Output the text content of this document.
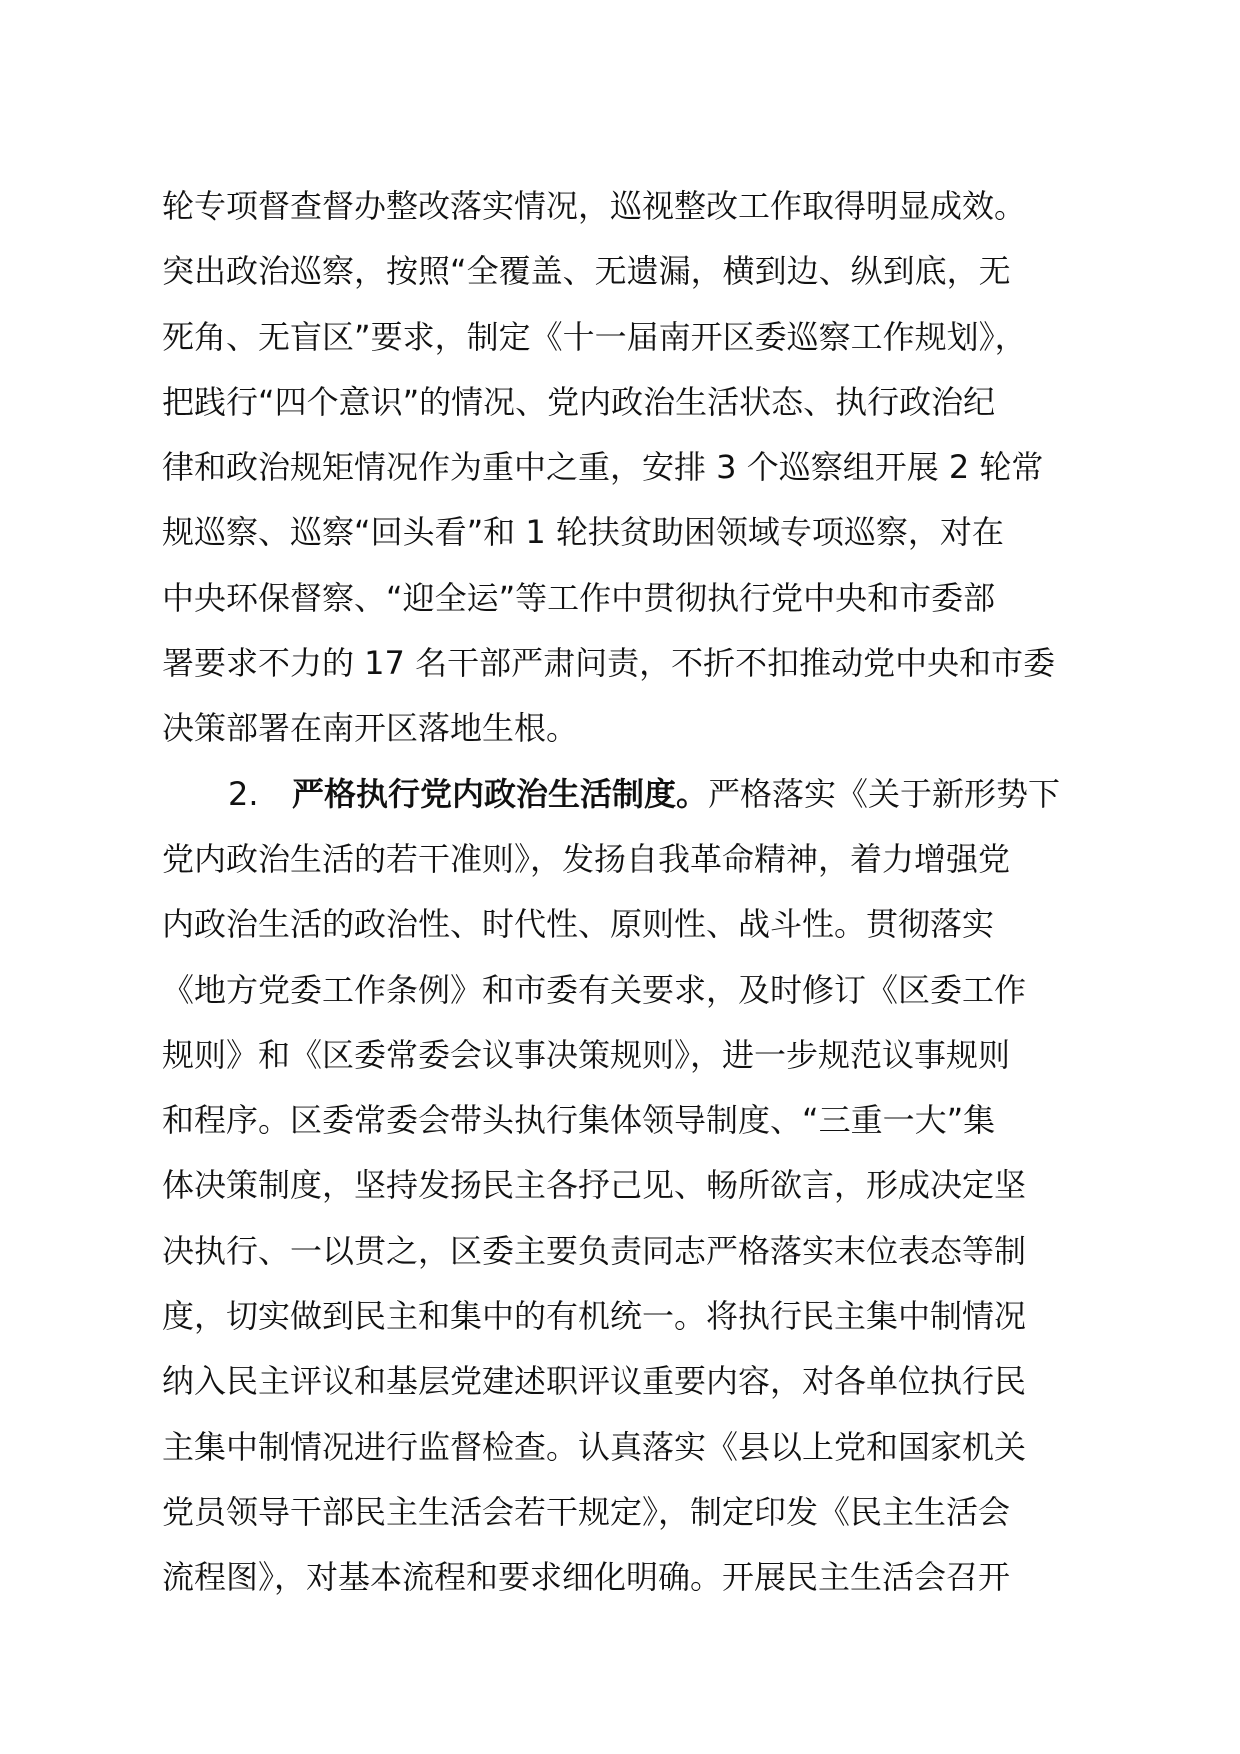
轮专项督查督办整改落实情况，巡视整改工作取得明显成效。
突出政治巡察，按照“全覆盖、无遗漏，横到边、纵到底，无
死角、无盲区”要求，制定《十一届南开区委巡察工作规划》，
把践行“四个意识”的情况、党内政治生活状态、执行政治纪
律和政治规矩情况作为重中之重，安排 3 个巡察组开展 2 轮常
规巡察、巡察“回头看”和 1 轮扶贫助困领域专项巡察，对在
中央环保督察、“迎全运”等工作中贯彻执行党中央和市委部
署要求不力的 17 名干部严肃问责，不折不扣推动党中央和市委
决策部署在南开区落地生根。
2. 严格执行党内政治生活制度。严格落实《关于新形势下
党内政治生活的若干准则》，发扬自我革命精神，着力增强党
内政治生活的政治性、时代性、原则性、战斗性。贯彻落实
《地方党委工作条例》和市委有关要求，及时修订《区委工作
规则》和《区委常委会议事决策规则》，进一步规范议事规则
和程序。区委常委会带头执行集体领导制度、“三重一大”集
体决策制度，坚持发扬民主各抒己见、畅所欲言，形成决定坚
决执行、一以贯之，区委主要负责同志严格落实末位表态等制
度，切实做到民主和集中的有机统一。将执行民主集中制情况
纳入民主评议和基层党建述职评议重要内容，对各单位执行民
主集中制情况进行监督检查。认真落实《县以上党和国家机关
党员领导干部民主生活会若干规定》，制定印发《民主生活会
流程图》，对基本流程和要求细化明确。开展民主生活会召开
